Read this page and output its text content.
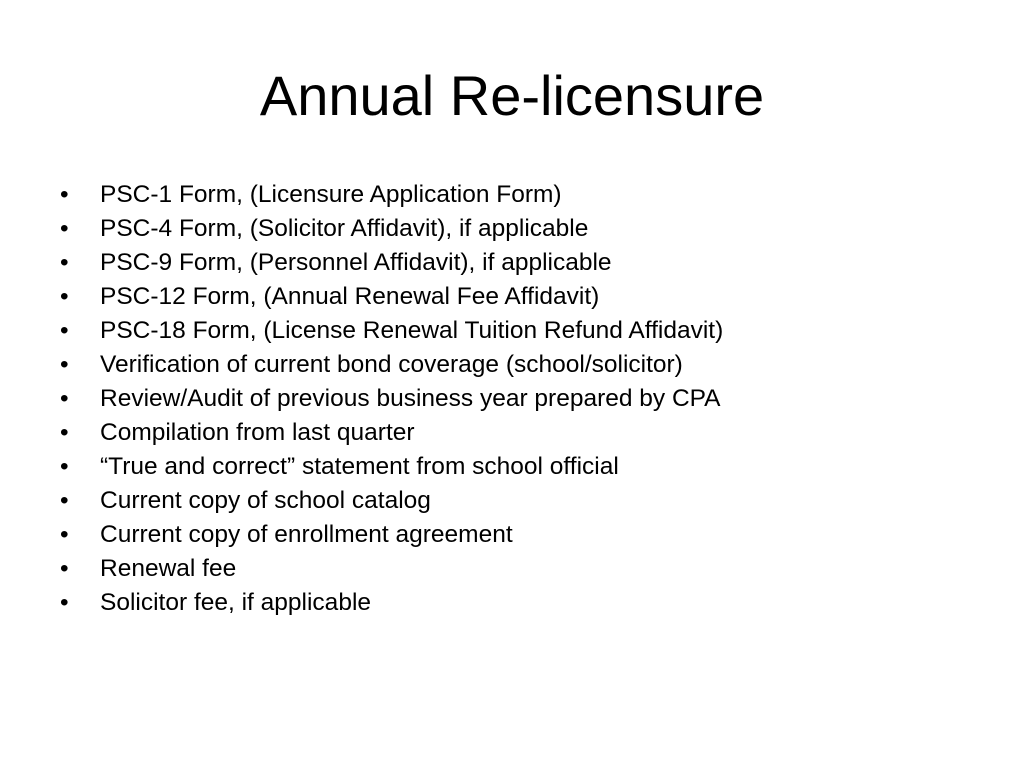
Annual Re-licensure
•	PSC-1 Form, (Licensure Application Form)
•	PSC-4 Form, (Solicitor Affidavit), if applicable
•	PSC-9 Form, (Personnel Affidavit), if applicable
•	PSC-12 Form, (Annual Renewal Fee Affidavit)
•	PSC-18 Form, (License Renewal Tuition Refund Affidavit)
•	Verification of current bond coverage (school/solicitor)
•	Review/Audit of previous business year prepared by CPA
•	Compilation from last quarter
•	“True and correct” statement from school official
•	Current copy of school catalog
•	Current copy of enrollment agreement
•	Renewal fee
•	Solicitor fee, if applicable
